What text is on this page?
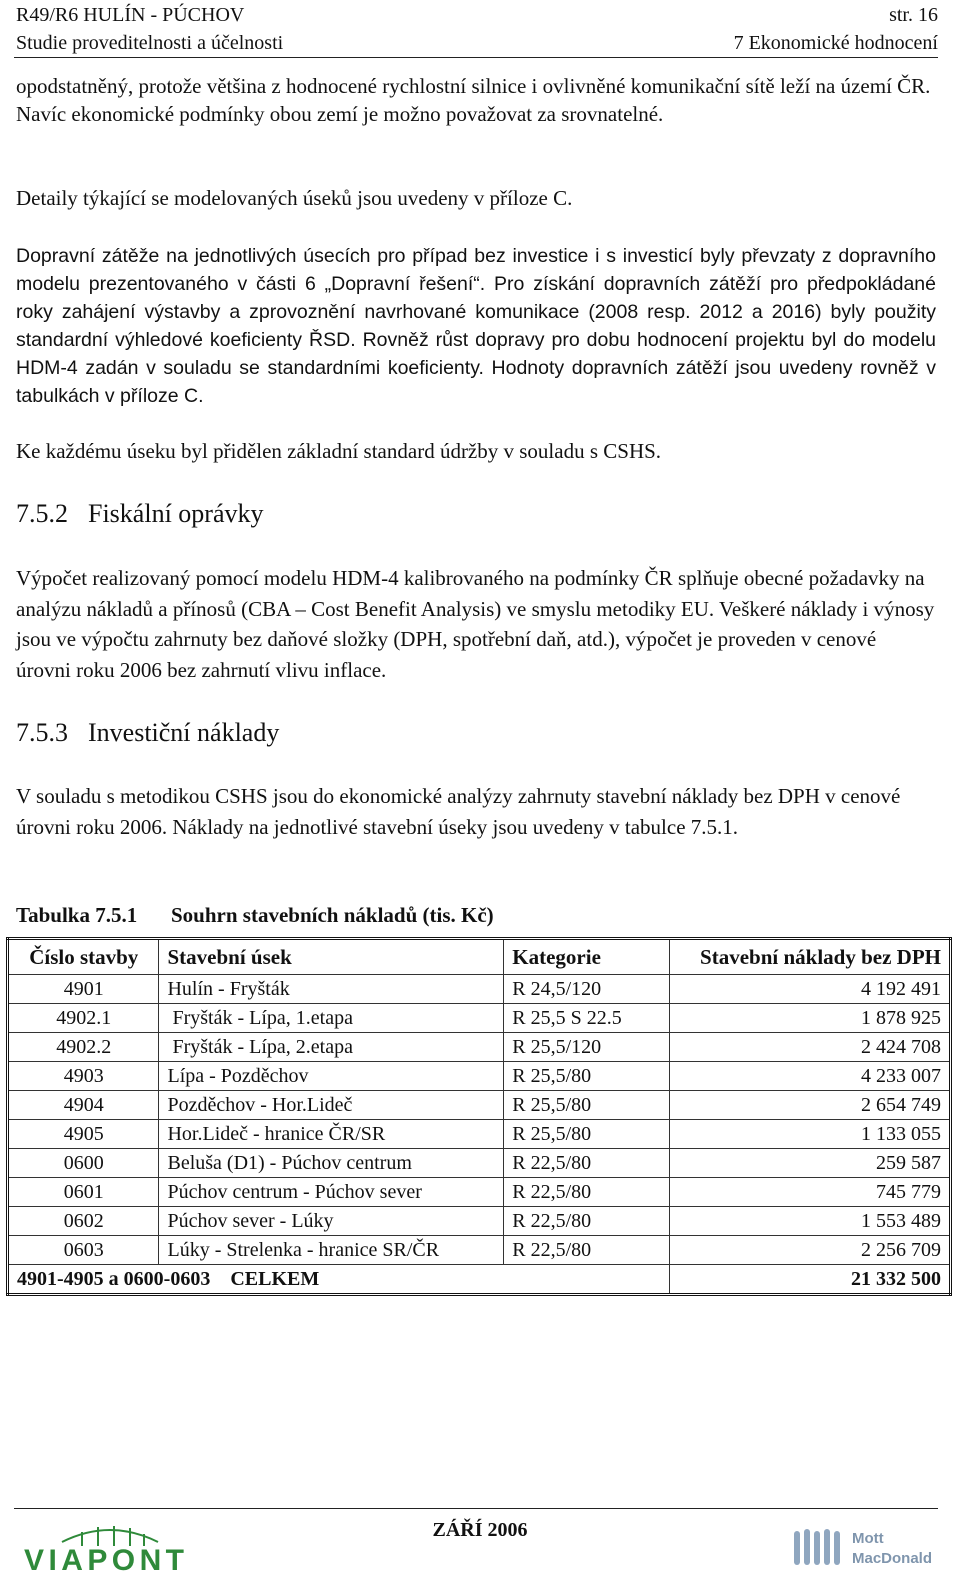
R49/R6 HULÍN - PÚCHOV	str. 16
Studie proveditelnosti a účelnosti	7 Ekonomické hodnocení

opodstatněný, protože většina z hodnocené rychlostní silnice i ovlivněné komunikační sítě leží na území ČR. Navíc ekonomické podmínky obou zemí je možno považovat za srovnatelné.

Detaily týkající se modelovaných úseků jsou uvedeny v příloze C.

Dopravní zátěže na jednotlivých úsecích pro případ bez investice i s investicí byly převzaty z dopravního modelu prezentovaného v části 6 „Dopravní řešení“. Pro získání dopravních zátěží pro předpokládané roky zahájení výstavby a zprovoznění navrhované komunikace (2008 resp. 2012 a 2016) byly použity standardní výhledové koeficienty ŘSD. Rovněž růst dopravy pro dobu hodnocení projektu byl do modelu HDM-4 zadán v souladu se standardními koeficienty. Hodnoty dopravních zátěží jsou uvedeny rovněž v tabulkách v příloze C.

Ke každému úseku byl přidělen základní standard údržby v souladu s CSHS.

7.5.2 Fiskální oprávky

Výpočet realizovaný pomocí modelu HDM-4 kalibrovaného na podmínky ČR splňuje obecné požadavky na analýzu nákladů a přínosů (CBA – Cost Benefit Analysis) ve smyslu metodiky EU. Veškeré náklady i výnosy jsou ve výpočtu zahrnuty bez daňové složky (DPH, spotřební daň, atd.), výpočet je proveden v cenové úrovni roku 2006 bez zahrnutí vlivu inflace.

7.5.3 Investiční náklady

V souladu s metodikou CSHS jsou do ekonomické analýzy zahrnuty stavební náklady bez DPH v cenové úrovni roku 2006. Náklady na jednotlivé stavební úseky jsou uvedeny v tabulce 7.5.1.

Tabulka 7.5.1 Souhrn stavebních nákladů (tis. Kč)

Číslo stavby	Stavební úsek	Kategorie	Stavební náklady bez DPH
4901	Hulín - Fryšták	R 24,5/120	4 192 491
4902.1	Fryšták - Lípa, 1.etapa	R 25,5 S 22.5	1 878 925
4902.2	Fryšták - Lípa, 2.etapa	R 25,5/120	2 424 708
4903	Lípa - Pozděchov	R 25,5/80	4 233 007
4904	Pozděchov - Hor.Lideč	R 25,5/80	2 654 749
4905	Hor.Lideč - hranice ČR/SR	R 25,5/80	1 133 055
0600	Beluša (D1) - Púchov centrum	R 22,5/80	259 587
0601	Púchov centrum - Púchov sever	R 22,5/80	745 779
0602	Púchov sever - Lúky	R 22,5/80	1 553 489
0603	Lúky - Strelenka - hranice SR/ČR	R 22,5/80	2 256 709
4901-4905 a 0600-0603    CELKEM			21 332 500
ZÁŘÍ 2006
VIAPONT
Mott
MacDonald
